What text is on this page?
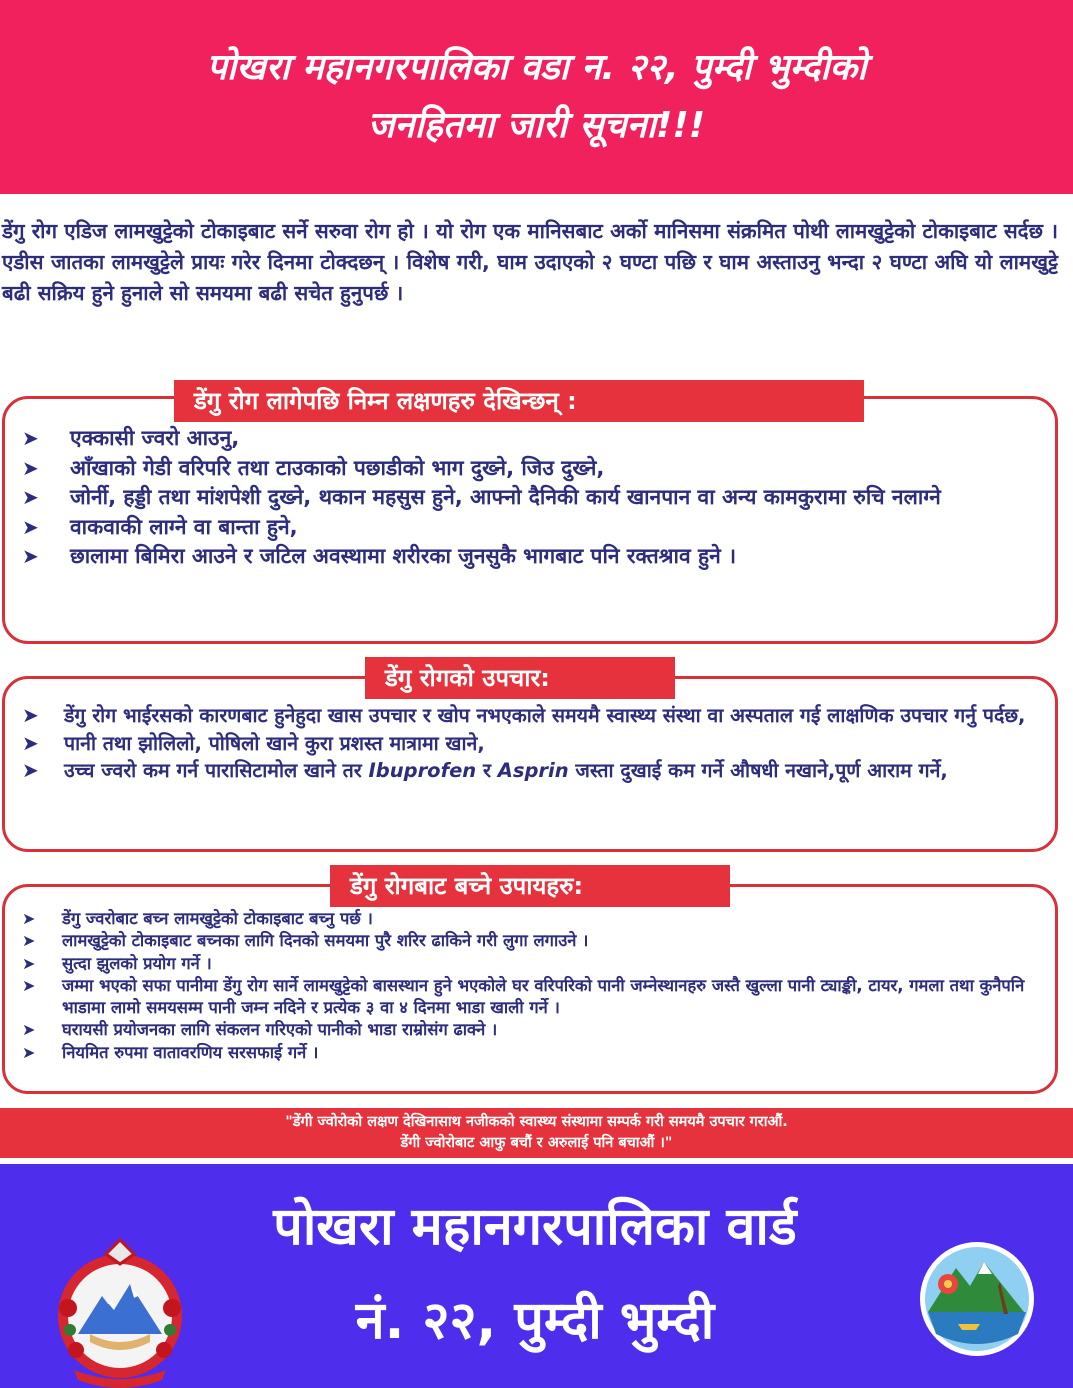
पोखरा महानगरपालिका वडा न. २२, पुम्दी भुम्दीको
जनहितमा जारी सूचना!!!

डेंगु रोग एडिज लामखुट्टेको टोकाइबाट सर्ने सरुवा रोग हो । यो रोग एक मानिसबाट अर्को मानिसमा संक्रमित पोथी लामखुट्टेको टोकाइबाट सर्दछ । एडीस जातका लामखुट्टेले प्रायः गरेर दिनमा टोक्दछन् । विशेष गरी, घाम उदाएको २ घण्टा पछि र घाम अस्ताउनु भन्दा २ घण्टा अघि यो लामखुट्टे बढी सक्रिय हुने हुनाले सो समयमा बढी सचेत हुनुपर्छ ।

डेंगु रोग लागेपछि निम्न लक्षणहरु देखिन्छन् :
➤ एक्कासी ज्वरो आउनु,
➤ आँखाको गेडी वरिपरि तथा टाउकाको पछाडीको भाग दुख्ने, जिउ दुख्ने,
➤ जोर्नी, हड्डी तथा मांशपेशी दुख्ने, थकान महसुस हुने, आफ्नो दैनिकी कार्य खानपान वा अन्य कामकुरामा रुचि नलाग्ने
➤ वाकवाकी लाग्ने वा बान्ता हुने,
➤ छालामा बिमिरा आउने र जटिल अवस्थामा शरीरका जुनसुकै भागबाट पनि रक्तश्राव हुने ।
डेंगु रोगको उपचार:
➤ डेंगु रोग भाईरसको कारणबाट हुनेहुदा खास उपचार र खोप नभएकाले समयमै स्वास्थ्य संस्था वा अस्पताल गई लाक्षणिक उपचार गर्नु पर्दछ,
➤ पानी तथा झोलिलो, पोषिलो खाने कुरा प्रशस्त मात्रामा खाने,
➤ उच्च ज्वरो कम गर्न पारासिटामोल खाने तर Ibuprofen र Asprin जस्ता दुखाई कम गर्ने औषधी नखाने,पूर्ण आराम गर्ने,
डेंगु रोगबाट बच्ने उपायहरु:
➤ डेंगु ज्वरोबाट बच्न लामखुट्टेको टोकाइबाट बच्नु पर्छ ।
➤ लामखुट्टेको टोकाइबाट बच्नका लागि दिनको समयमा पुरै शरिर ढाकिने गरी लुगा लगाउने ।
➤ सुत्दा झुलको प्रयोग गर्ने ।
➤ जम्मा भएको सफा पानीमा डेंगु रोग सार्ने लामखुट्टेको बासस्थान हुने भएकोले घर वरिपरिको पानी जम्नेस्थानहरु जस्तै खुल्ला पानी ट्याङ्की, टायर, गमला तथा कुनैपनि भाडामा लामो समयसम्म पानी जम्न नदिने र प्रत्येक ३ वा ४ दिनमा भाडा खाली गर्ने ।
➤ घरायसी प्रयोजनका लागि संकलन गरिएको पानीको भाडा राम्रोसंग ढाक्ने ।
➤ नियमित रुपमा वातावरणिय सरसफाई गर्ने ।
"डेंगी ज्वोरोको लक्षण देखिनासाथ नजीकको स्वास्थ्य संस्थामा सम्पर्क गरी समयमै उपचार गराऔं.
डेंगी ज्वोरोबाट आफु बचौं र अरुलाई पनि बचाऔं ।"
पोखरा महानगरपालिका वार्ड
नं. २२, पुम्दी भुम्दी
